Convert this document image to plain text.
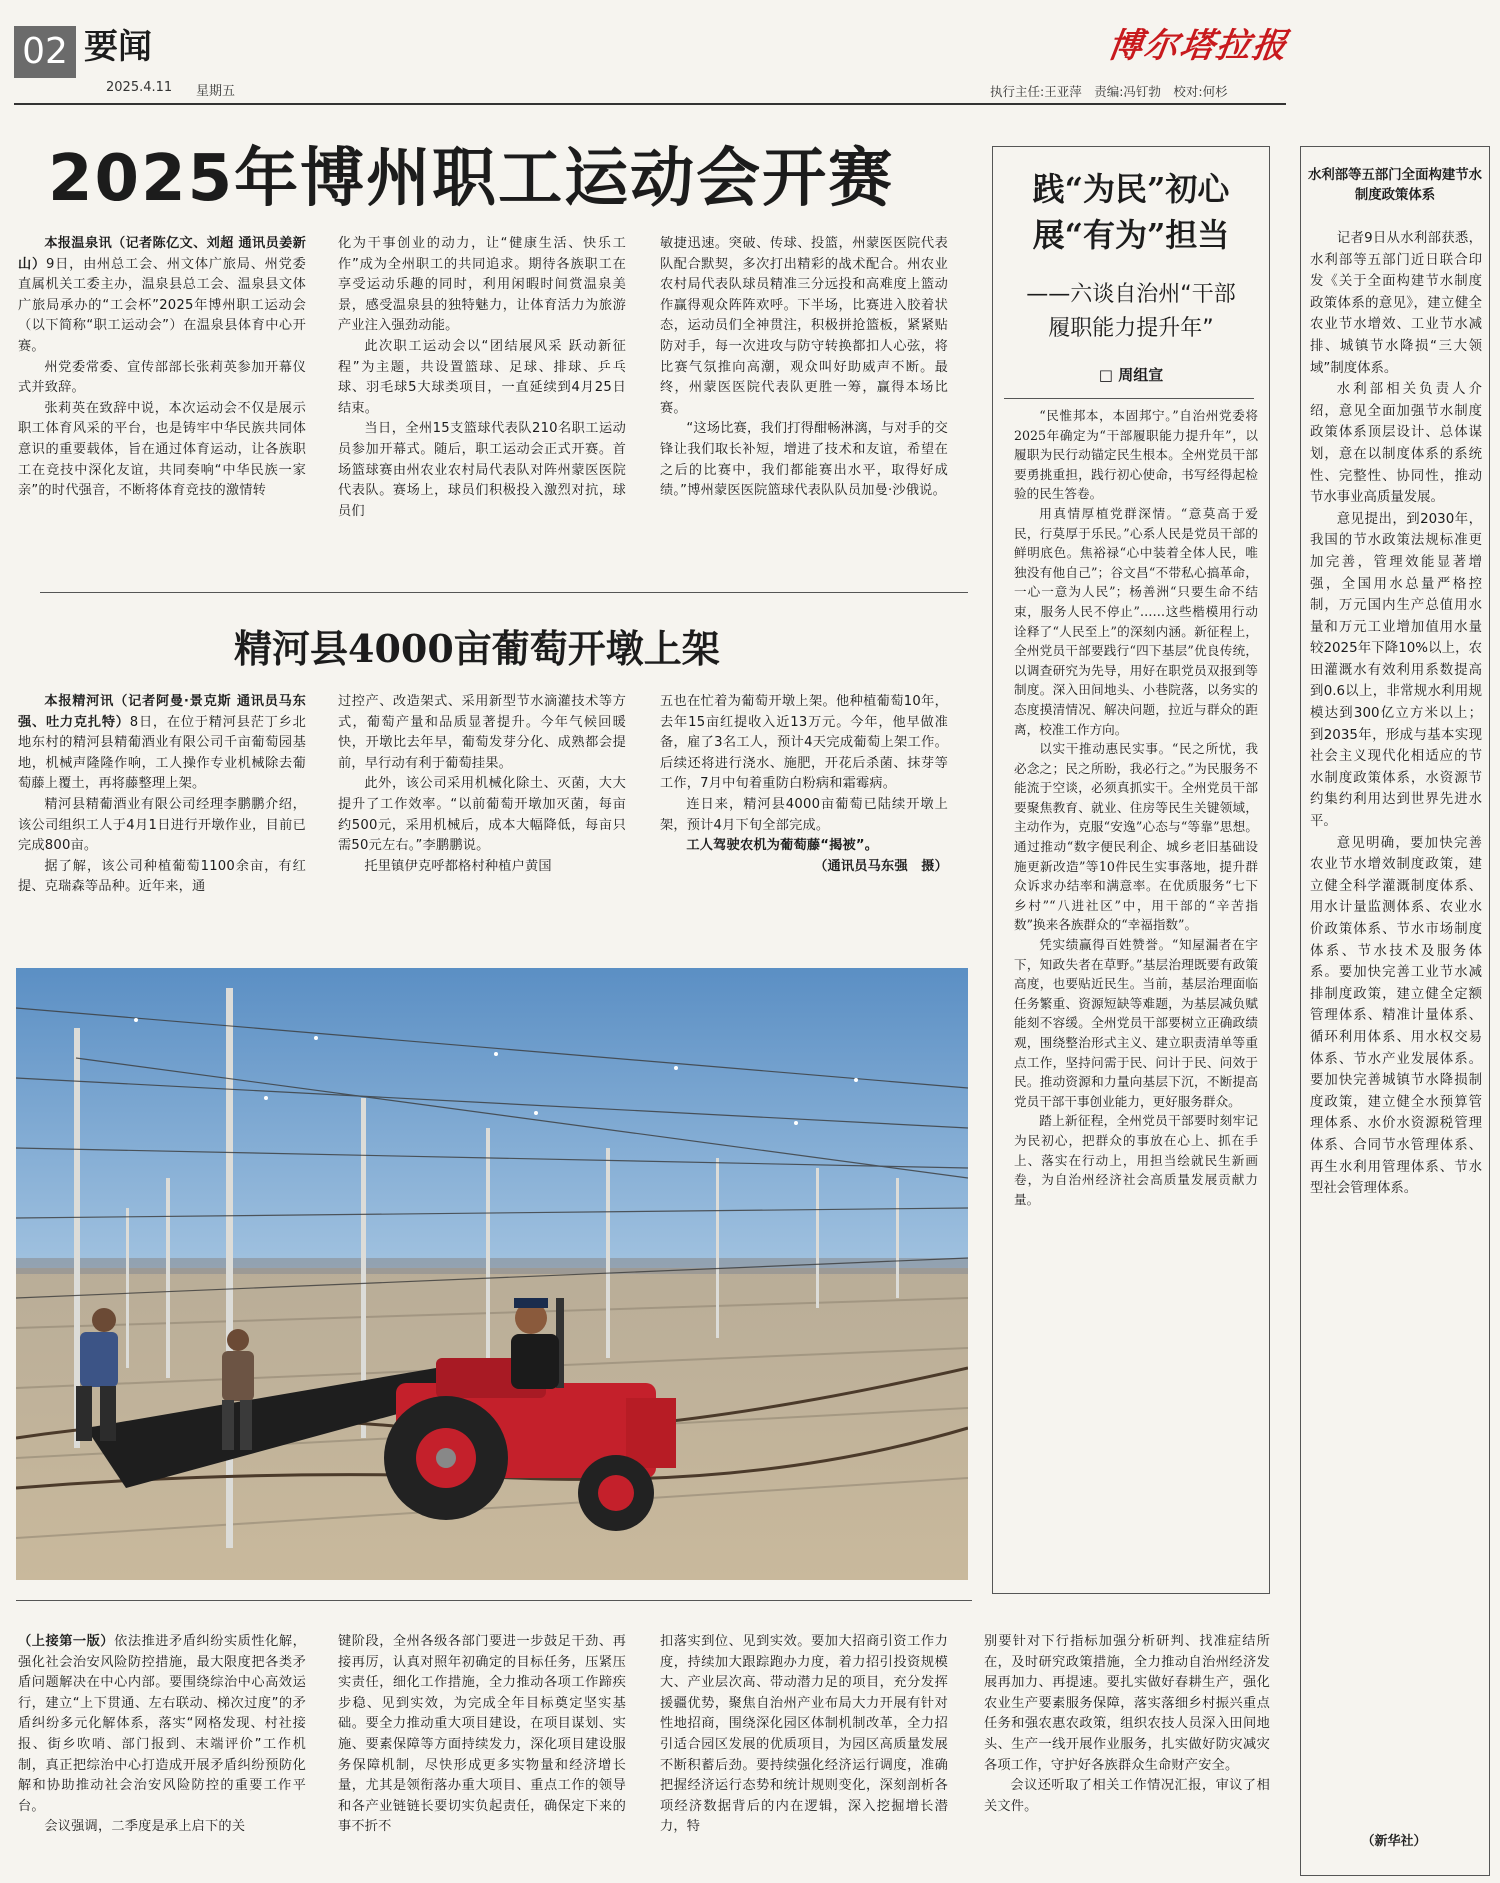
02 要闻
2025.4.11 星期五
博尔塔拉报
执行主任:王亚萍　责编:冯钉勃　校对:何杉
2025年博州职工运动会开赛

本报温泉讯（记者陈亿文、刘超 通讯员姜新山）9日，由州总工会、州文体广旅局、州党委直属机关工委主办，温泉县总工会、温泉县文体广旅局承办的“工会杯”2025年博州职工运动会（以下简称“职工运动会”）在温泉县体育中心开赛。

州党委常委、宣传部部长张莉英参加开幕仪式并致辞。

张莉英在致辞中说，本次运动会不仅是展示职工体育风采的平台，也是铸牢中华民族共同体意识的重要载体，旨在通过体育运动，让各族职工在竞技中深化友谊，共同奏响“中华民族一家亲”的时代强音，不断将体育竞技的激情转

化为干事创业的动力，让“健康生活、快乐工作”成为全州职工的共同追求。期待各族职工在享受运动乐趣的同时，利用闲暇时间赏温泉美景，感受温泉县的独特魅力，让体育活力为旅游产业注入强劲动能。

此次职工运动会以“团结展风采 跃动新征程”为主题，共设置篮球、足球、排球、乒乓球、羽毛球5大球类项目，一直延续到4月25日结束。

当日，全州15支篮球代表队210名职工运动员参加开幕式。随后，职工运动会正式开赛。首场篮球赛由州农业农村局代表队对阵州蒙医医院代表队。赛场上，球员们积极投入激烈对抗，球员们

敏捷迅速。突破、传球、投篮，州蒙医医院代表队配合默契，多次打出精彩的战术配合。州农业农村局代表队球员精准三分远投和高难度上篮动作赢得观众阵阵欢呼。下半场，比赛进入胶着状态，运动员们全神贯注，积极拼抢篮板，紧紧贴防对手，每一次进攻与防守转换都扣人心弦，将比赛气氛推向高潮，观众叫好助威声不断。最终，州蒙医医院代表队更胜一筹，赢得本场比赛。

“这场比赛，我们打得酣畅淋漓，与对手的交锋让我们取长补短，增进了技术和友谊，希望在之后的比赛中，我们都能赛出水平，取得好成绩。”博州蒙医医院篮球代表队队员加曼·沙俄说。

精河县4000亩葡萄开墩上架

本报精河讯（记者阿曼·景克斯 通讯员马东强、吐力克扎特）8日，在位于精河县茫丁乡北地东村的精河县精葡酒业有限公司千亩葡萄园基地，机械声隆隆作响，工人操作专业机械除去葡萄藤上覆土，再将藤整理上架。

精河县精葡酒业有限公司经理李鹏鹏介绍，该公司组织工人于4月1日进行开墩作业，目前已完成800亩。

据了解，该公司种植葡萄1100余亩，有红提、克瑞森等品种。近年来，通

过控产、改造架式、采用新型节水滴灌技术等方式，葡萄产量和品质显著提升。今年气候回暖快，开墩比去年早，葡萄发芽分化、成熟都会提前，早行动有利于葡萄挂果。

此外，该公司采用机械化除土、灭菌，大大提升了工作效率。“以前葡萄开墩加灭菌，每亩约500元，采用机械后，成本大幅降低，每亩只需50元左右。”李鹏鹏说。

托里镇伊克呼都格村种植户黄国

五也在忙着为葡萄开墩上架。他种植葡萄10年，去年15亩红提收入近13万元。今年，他早做准备，雇了3名工人，预计4天完成葡萄上架工作。后续还将进行浇水、施肥，开花后杀菌、抹芽等工作，7月中旬着重防白粉病和霜霉病。

连日来，精河县4000亩葡萄已陆续开墩上架，预计4月下旬全部完成。

工人驾驶农机为葡萄藤“揭被”。

（通讯员马东强　摄）

践“为民”初心
展“有为”担当
——六谈自治州“干部
履职能力提升年”
□ 周组宣

“民惟邦本，本固邦宁。”自治州党委将2025年确定为“干部履职能力提升年”，以履职为民行动锚定民生根本。全州党员干部要勇挑重担，践行初心使命，书写经得起检验的民生答卷。

用真情厚植党群深情。“意莫高于爱民，行莫厚于乐民。”心系人民是党员干部的鲜明底色。焦裕禄“心中装着全体人民，唯独没有他自己”；谷文昌“不带私心搞革命，一心一意为人民”；杨善洲“只要生命不结束，服务人民不停止”……这些楷模用行动诠释了“人民至上”的深刻内涵。新征程上，全州党员干部要践行“四下基层”优良传统，以调查研究为先导，用好在职党员双报到等制度。深入田间地头、小巷院落，以务实的态度摸清情况、解决问题，拉近与群众的距离，校准工作方向。

以实干推动惠民实事。“民之所忧，我必念之；民之所盼，我必行之。”为民服务不能流于空谈，必须真抓实干。全州党员干部要聚焦教育、就业、住房等民生关键领域，主动作为，克服“安逸”心态与“等靠”思想。通过推动“数字便民利企、城乡老旧基础设施更新改造”等10件民生实事落地，提升群众诉求办结率和满意率。在优质服务“七下乡村”“八进社区”中，用干部的“辛苦指数”换来各族群众的“幸福指数”。

凭实绩赢得百姓赞誉。“知屋漏者在宇下，知政失者在草野。”基层治理既要有政策高度，也要贴近民生。当前，基层治理面临任务繁重、资源短缺等难题，为基层减负赋能刻不容缓。全州党员干部要树立正确政绩观，围绕整治形式主义、建立职责清单等重点工作，坚持问需于民、问计于民、问效于民。推动资源和力量向基层下沉，不断提高党员干部干事创业能力，更好服务群众。

踏上新征程，全州党员干部要时刻牢记为民初心，把群众的事放在心上、抓在手上、落实在行动上，用担当绘就民生新画卷，为自治州经济社会高质量发展贡献力量。

水利部等五部门全面构建节水制度政策体系

记者9日从水利部获悉，水利部等五部门近日联合印发《关于全面构建节水制度政策体系的意见》，建立健全农业节水增效、工业节水减排、城镇节水降损“三大领域”制度体系。

水利部相关负责人介绍，意见全面加强节水制度政策体系顶层设计、总体谋划，意在以制度体系的系统性、完整性、协同性，推动节水事业高质量发展。

意见提出，到2030年，我国的节水政策法规标准更加完善，管理效能显著增强，全国用水总量严格控制，万元国内生产总值用水量和万元工业增加值用水量较2025年下降10%以上，农田灌溉水有效利用系数提高到0.6以上，非常规水利用规模达到300亿立方米以上；到2035年，形成与基本实现社会主义现代化相适应的节水制度政策体系，水资源节约集约利用达到世界先进水平。

意见明确，要加快完善农业节水增效制度政策，建立健全科学灌溉制度体系、用水计量监测体系、农业水价政策体系、节水市场制度体系、节水技术及服务体系。要加快完善工业节水减排制度政策，建立健全定额管理体系、精准计量体系、循环利用体系、用水权交易体系、节水产业发展体系。要加快完善城镇节水降损制度政策，建立健全水预算管理体系、水价水资源税管理体系、合同节水管理体系、再生水利用管理体系、节水型社会管理体系。

（新华社）

（上接第一版）依法推进矛盾纠纷实质性化解，强化社会治安风险防控措施，最大限度把各类矛盾问题解决在中心内部。要围绕综治中心高效运行，建立“上下贯通、左右联动、梯次过度”的矛盾纠纷多元化解体系，落实“网格发现、村社接报、街乡吹哨、部门报到、末端评价”工作机制，真正把综治中心打造成开展矛盾纠纷预防化解和协助推动社会治安风险防控的重要工作平台。

会议强调，二季度是承上启下的关

键阶段，全州各级各部门要进一步鼓足干劲、再接再厉，认真对照年初确定的目标任务，压紧压实责任，细化工作措施，全力推动各项工作蹄疾步稳、见到实效，为完成全年目标奠定坚实基础。要全力推动重大项目建设，在项目谋划、实施、要素保障等方面持续发力，深化项目建设服务保障机制，尽快形成更多实物量和经济增长量，尤其是领衔落办重大项目、重点工作的领导和各产业链链长要切实负起责任，确保定下来的事不折不

扣落实到位、见到实效。要加大招商引资工作力度，持续加大跟踪跑办力度，着力招引投资规模大、产业层次高、带动潜力足的项目，充分发挥援疆优势，聚焦自治州产业布局大力开展有针对性地招商，围绕深化园区体制机制改革，全力招引适合园区发展的优质项目，为园区高质量发展不断积蓄后劲。要持续强化经济运行调度，准确把握经济运行态势和统计规则变化，深刻剖析各项经济数据背后的内在逻辑，深入挖掘增长潜力，特

别要针对下行指标加强分析研判、找准症结所在，及时研究政策措施，全力推动自治州经济发展再加力、再提速。要扎实做好春耕生产，强化农业生产要素服务保障，落实落细乡村振兴重点任务和强农惠农政策，组织农技人员深入田间地头、生产一线开展作业服务，扎实做好防灾减灾各项工作，守护好各族群众生命财产安全。

会议还听取了相关工作情况汇报，审议了相关文件。
